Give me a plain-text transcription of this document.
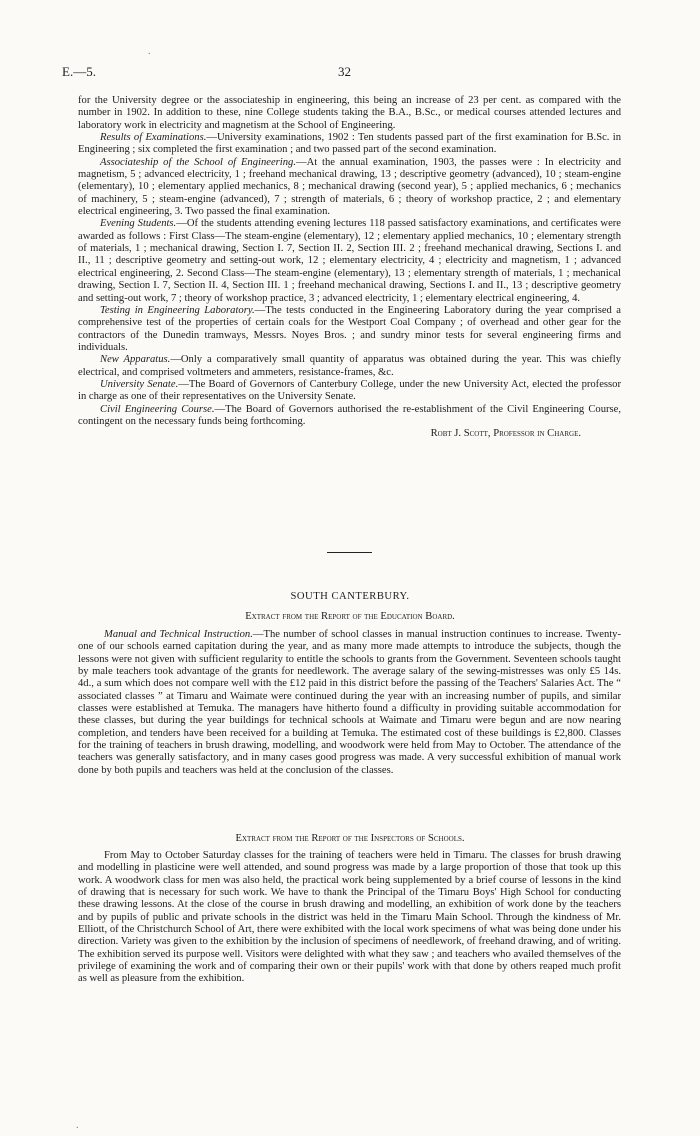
E.—5.	32

for the University degree or the associateship in engineering, this being an increase of 23 per cent. as compared with the number in 1902. In addition to these, nine College students taking the B.A., B.Sc., or medical courses attended lectures and laboratory work in electricity and magnetism at the School of Engineering.

Results of Examinations.—University examinations, 1902 : Ten students passed part of the first examination for B.Sc. in Engineering ; six completed the first examination ; and two passed part of the second examination.

Associateship of the School of Engineering.—At the annual examination, 1903, the passes were : In electricity and magnetism, 5 ; advanced electricity, 1 ; freehand mechanical drawing, 13 ; descriptive geometry (advanced), 10 ; steam-engine (elementary), 10 ; elementary applied mechanics, 8 ; mechanical drawing (second year), 5 ; applied mechanics, 6 ; mechanics of machinery, 5 ; steam-engine (advanced), 7 ; strength of materials, 6 ; theory of workshop practice, 2 ; and elementary electrical engineering, 3. Two passed the final examination.

Evening Students.—Of the students attending evening lectures 118 passed satisfactory examinations, and certificates were awarded as follows : First Class—The steam-engine (elementary), 12 ; elementary applied mechanics, 10 ; elementary strength of materials, 1 ; mechanical drawing, Section I. 7, Section II. 2, Section III. 2 ; freehand mechanical drawing, Sections I. and II., 11 ; descriptive geometry and setting-out work, 12 ; elementary electricity, 4 ; electricity and magnetism, 1 ; advanced electrical engineering, 2. Second Class—The steam-engine (elementary), 13 ; elementary strength of materials, 1 ; mechanical drawing, Section I. 7, Section II. 4, Section III. 1 ; freehand mechanical drawing, Sections I. and II., 13 ; descriptive geometry and setting-out work, 7 ; theory of workshop practice, 3 ; advanced electricity, 1 ; elementary electrical engineering, 4.

Testing in Engineering Laboratory.—The tests conducted in the Engineering Laboratory during the year comprised a comprehensive test of the properties of certain coals for the Westport Coal Company ; of overhead and other gear for the contractors of the Dunedin tramways, Messrs. Noyes Bros. ; and sundry minor tests for several engineering firms and individuals.

New Apparatus.—Only a comparatively small quantity of apparatus was obtained during the year. This was chiefly electrical, and comprised voltmeters and ammeters, resistance-frames, &c.

University Senate.—The Board of Governors of Canterbury College, under the new University Act, elected the professor in charge as one of their representatives on the University Senate.

Civil Engineering Course.—The Board of Governors authorised the re-establishment of the Civil Engineering Course, contingent on the necessary funds being forthcoming.

Robt J. Scott, Professor in Charge.

SOUTH CANTERBURY.
Extract from the Report of the Education Board.

Manual and Technical Instruction.—The number of school classes in manual instruction continues to increase. Twenty-one of our schools earned capitation during the year, and as many more made attempts to introduce the subjects, though the lessons were not given with sufficient regularity to entitle the schools to grants from the Government. Seventeen schools taught by male teachers took advantage of the grants for needlework. The average salary of the sewing-mistresses was only £5 14s. 4d., a sum which does not compare well with the £12 paid in this district before the passing of the Teachers' Salaries Act. The “ associated classes ” at Timaru and Waimate were continued during the year with an increasing number of pupils, and similar classes were established at Temuka. The managers have hitherto found a difficulty in providing suitable accommodation for these classes, but during the year buildings for technical schools at Waimate and Timaru were begun and are now nearing completion, and tenders have been received for a building at Temuka. The estimated cost of these buildings is £2,800. Classes for the training of teachers in brush drawing, modelling, and woodwork were held from May to October. The attendance of the teachers was generally satisfactory, and in many cases good progress was made. A very successful exhibition of manual work done by both pupils and teachers was held at the conclusion of the classes.

Extract from the Report of the Inspectors of Schools.

From May to October Saturday classes for the training of teachers were held in Timaru. The classes for brush drawing and modelling in plasticine were well attended, and sound progress was made by a large proportion of those that took up this work. A woodwork class for men was also held, the practical work being supplemented by a brief course of lessons in the kind of drawing that is necessary for such work. We have to thank the Principal of the Timaru Boys' High School for conducting these drawing lessons. At the close of the course in brush drawing and modelling, an exhibition of work done by the teachers and by pupils of public and private schools in the district was held in the Timaru Main School. Through the kindness of Mr. Elliott, of the Christchurch School of Art, there were exhibited with the local work specimens of what was being done under his direction. Variety was given to the exhibition by the inclusion of specimens of needlework, of freehand drawing, and of writing. The exhibition served its purpose well. Visitors were delighted with what they saw ; and teachers who availed themselves of the privilege of examining the work and of comparing their own or their pupils' work with that done by others reaped much profit as well as pleasure from the exhibition.

.
.
